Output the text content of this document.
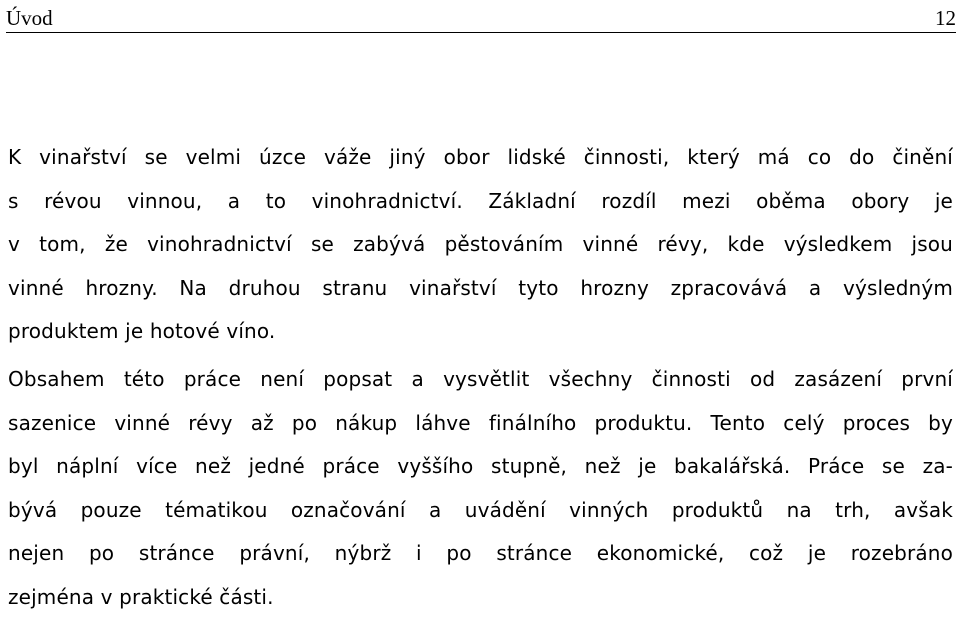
Úvod	12

K vinařství se velmi úzce váže jiný obor lidské činnosti, který má co do činění
s révou vinnou, a to vinohradnictví. Základní rozdíl mezi oběma obory je
v tom, že vinohradnictví se zabývá pěstováním vinné révy, kde výsledkem jsou
vinné hrozny. Na druhou stranu vinařství tyto hrozny zpracovává a výsledným
produktem je hotové víno.

Obsahem této práce není popsat a vysvětlit všechny činnosti od zasázení první
sazenice vinné révy až po nákup láhve finálního produktu. Tento celý proces by
byl náplní více než jedné práce vyššího stupně, než je bakalářská. Práce se za-
bývá pouze tématikou označování a uvádění vinných produktů na trh, avšak
nejen po stránce právní, nýbrž i po stránce ekonomické, což je rozebráno
zejména v praktické části.
